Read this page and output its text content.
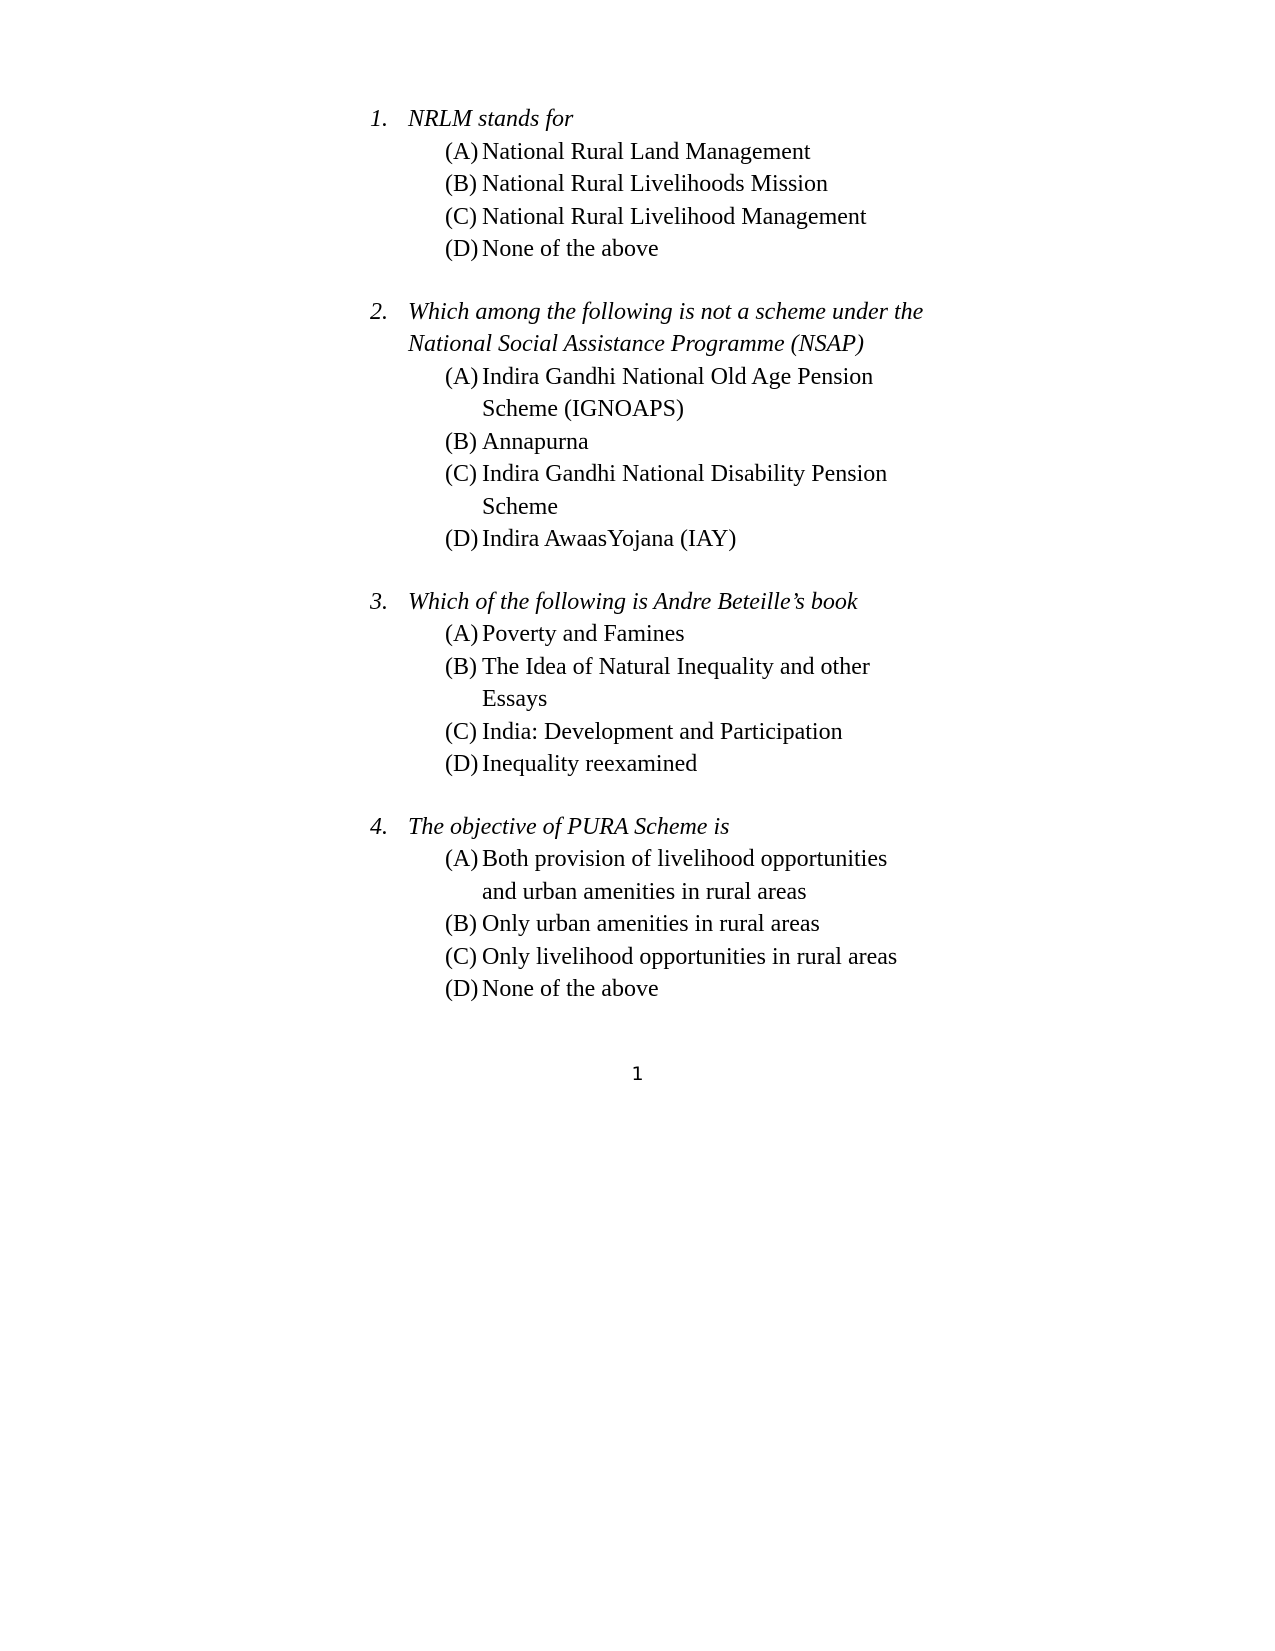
1. NRLM stands for
(A) National Rural Land Management
(B) National Rural Livelihoods Mission
(C) National Rural Livelihood Management
(D) None of the above
2. Which among the following is not a scheme under the National Social Assistance Programme (NSAP)
(A) Indira Gandhi National Old Age Pension Scheme (IGNOAPS)
(B) Annapurna
(C) Indira Gandhi National Disability Pension Scheme
(D) Indira AwaasYojana (IAY)
3. Which of the following is Andre Beteille’s book
(A) Poverty and Famines
(B) The Idea of Natural Inequality and other Essays
(C) India: Development and Participation
(D) Inequality reexamined
4. The objective of PURA Scheme is
(A) Both provision of livelihood opportunities and urban amenities in rural areas
(B) Only urban amenities in rural areas
(C) Only livelihood opportunities in rural areas
(D) None of the above
1
